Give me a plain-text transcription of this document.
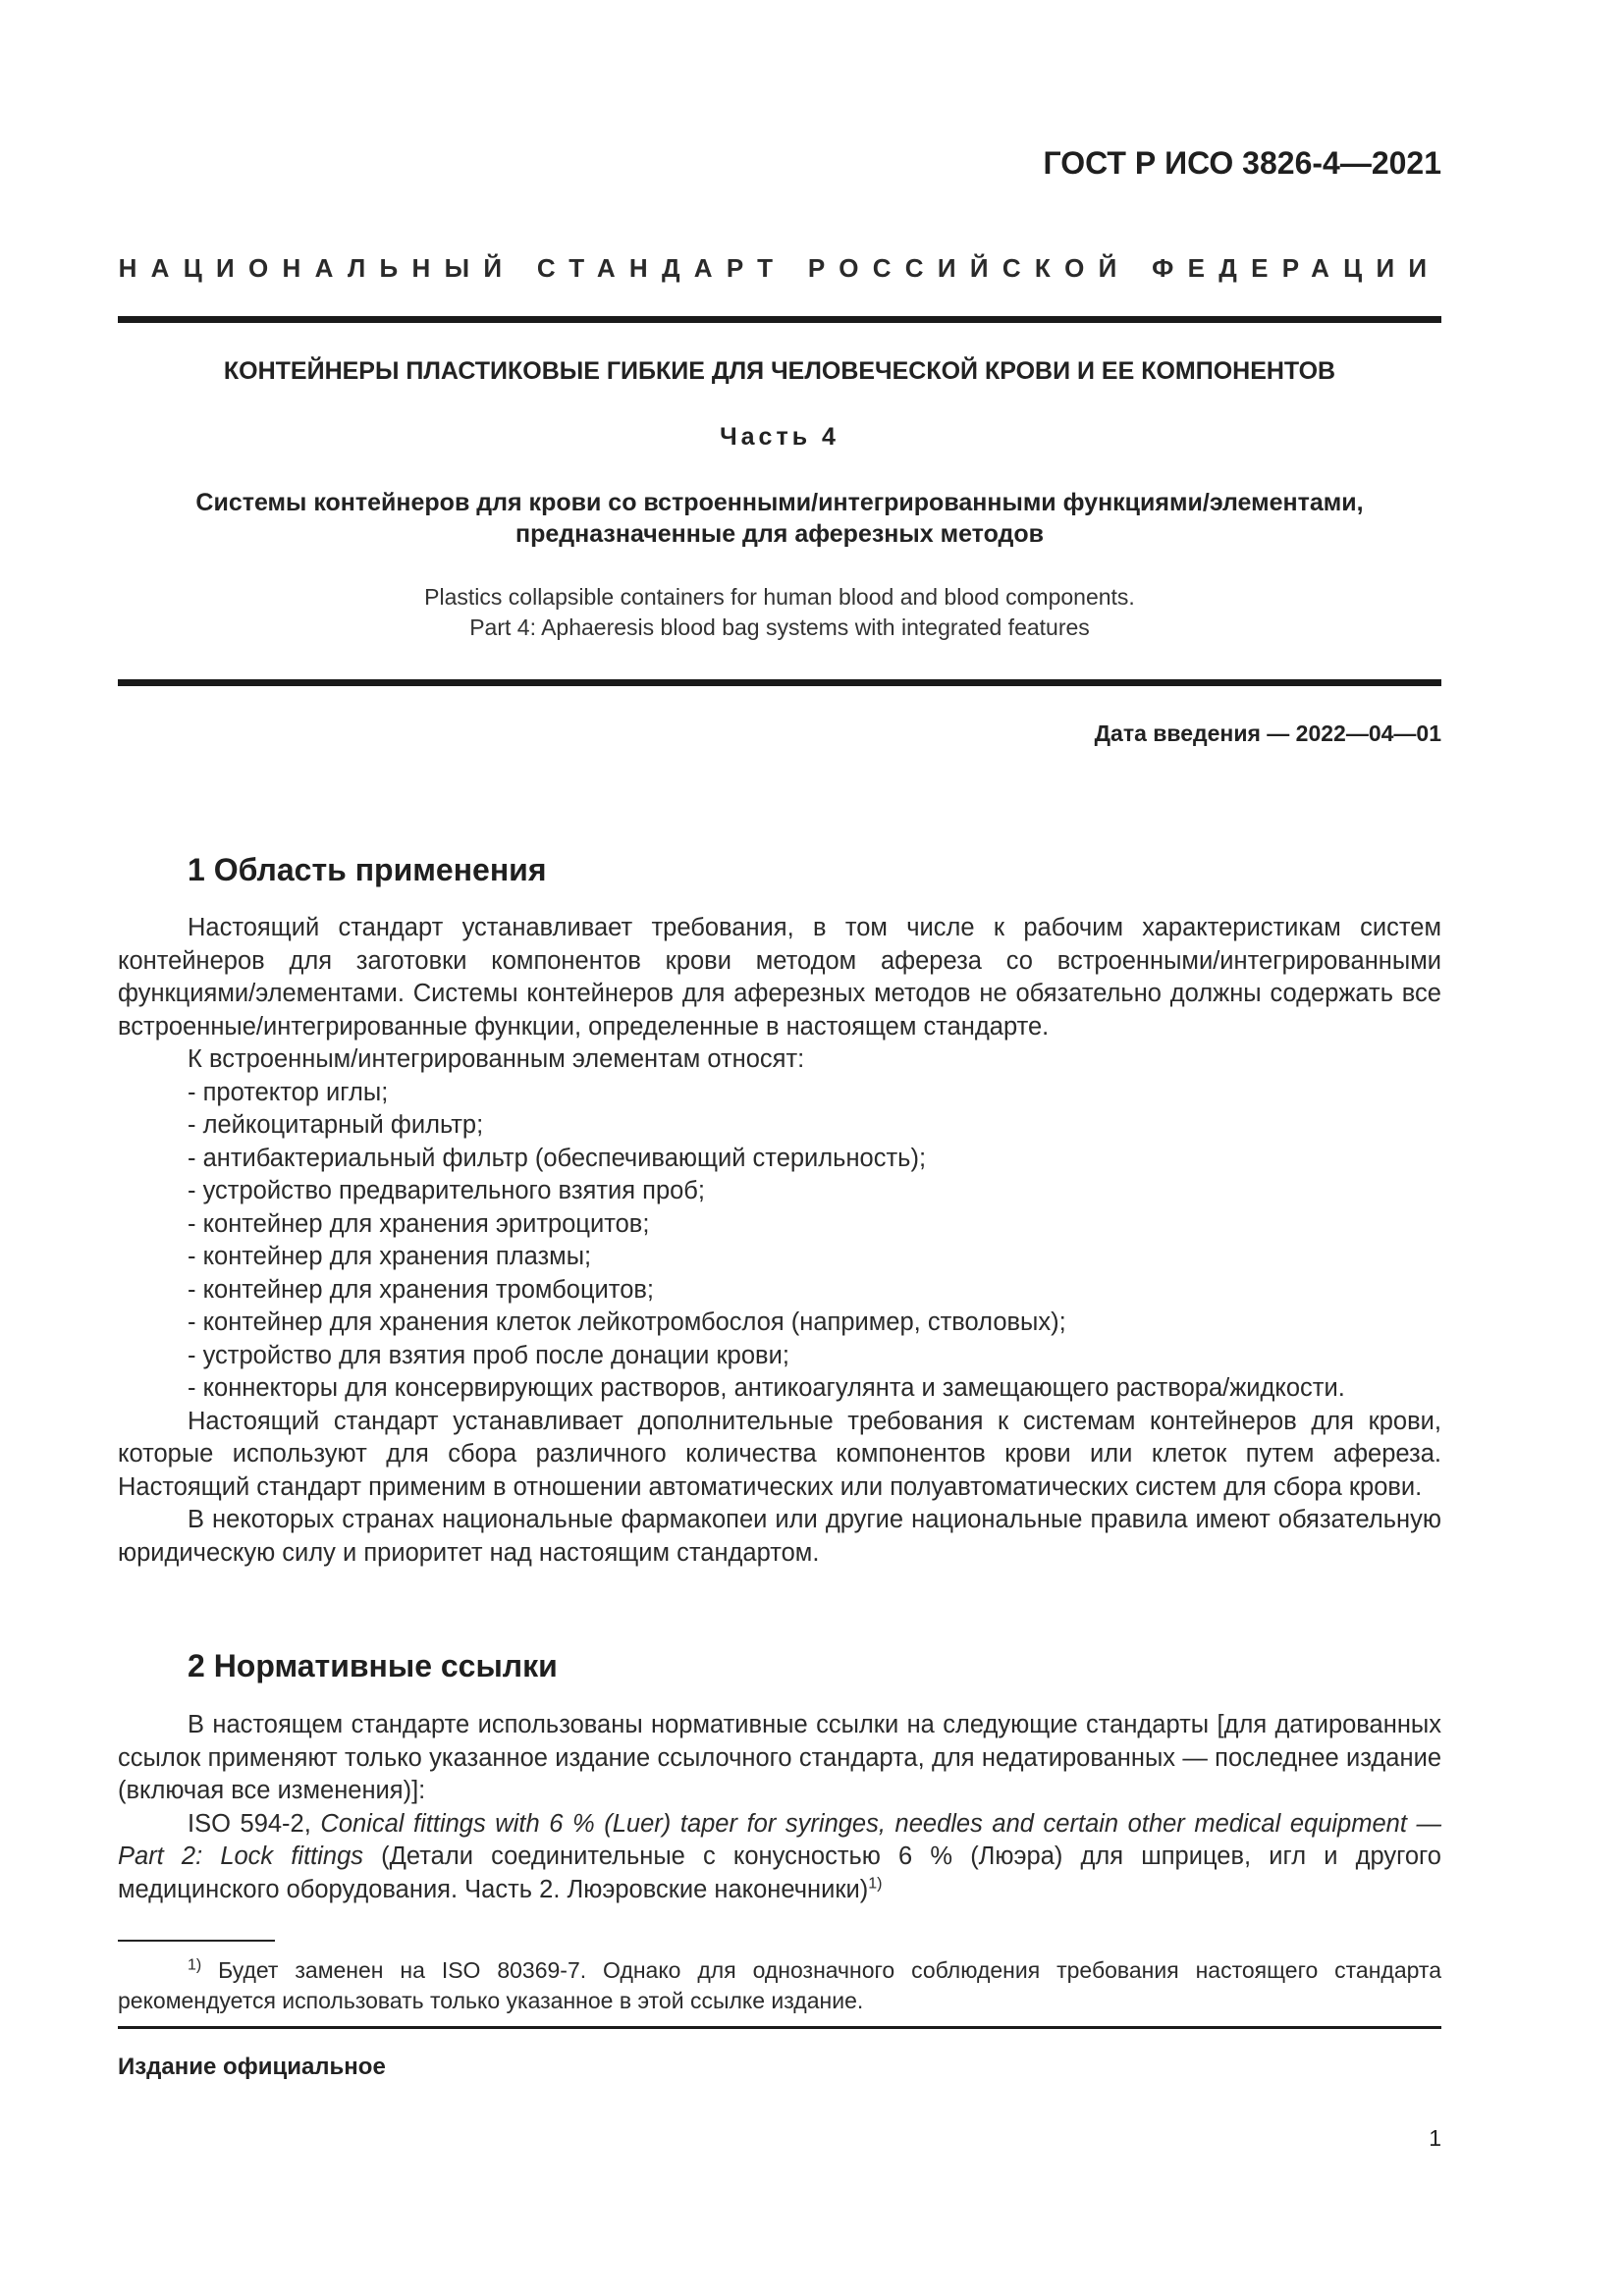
ГОСТ Р ИСО 3826-4—2021
НАЦИОНАЛЬНЫЙ СТАНДАРТ РОССИЙСКОЙ ФЕДЕРАЦИИ
КОНТЕЙНЕРЫ ПЛАСТИКОВЫЕ ГИБКИЕ ДЛЯ ЧЕЛОВЕЧЕСКОЙ КРОВИ И ЕЕ КОМПОНЕНТОВ
Часть 4
Системы контейнеров для крови со встроенными/интегрированными функциями/элементами,
предназначенные для аферезных методов
Plastics collapsible containers for human blood and blood components.
Part 4: Aphaeresis blood bag systems with integrated features
Дата введения — 2022—04—01
1 Область применения

Настоящий стандарт устанавливает требования, в том числе к рабочим характеристикам систем контейнеров для заготовки компонентов крови методом афереза со встроенными/интегрированными функциями/элементами. Системы контейнеров для аферезных методов не обязательно должны содержать все встроенные/интегрированные функции, определенные в настоящем стандарте.

К встроенным/интегрированным элементам относят:

- протектор иглы;

- лейкоцитарный фильтр;

- антибактериальный фильтр (обеспечивающий стерильность);

- устройство предварительного взятия проб;

- контейнер для хранения эритроцитов;

- контейнер для хранения плазмы;

- контейнер для хранения тромбоцитов;

- контейнер для хранения клеток лейкотромбослоя (например, стволовых);

- устройство для взятия проб после донации крови;

- коннекторы для консервирующих растворов, антикоагулянта и замещающего раствора/жидкости.

Настоящий стандарт устанавливает дополнительные требования к системам контейнеров для крови, которые используют для сбора различного количества компонентов крови или клеток путем афереза. Настоящий стандарт применим в отношении автоматических или полуавтоматических систем для сбора крови.

В некоторых странах национальные фармакопеи или другие национальные правила имеют обязательную юридическую силу и приоритет над настоящим стандартом.

2 Нормативные ссылки

В настоящем стандарте использованы нормативные ссылки на следующие стандарты [для датированных ссылок применяют только указанное издание ссылочного стандарта, для недатированных — последнее издание (включая все изменения)]:

ISO 594-2, Conical fittings with 6 % (Luer) taper for syringes, needles and certain other medical equipment — Part 2: Lock fittings (Детали соединительные с конусностью 6 % (Люэра) для шприцев, игл и другого медицинского оборудования. Часть 2. Люэровские наконечники)$^{1)}$

$^{1)}$ Будет заменен на ISO 80369-7. Однако для однозначного соблюдения требования настоящего стандарта рекомендуется использовать только указанное в этой ссылке издание.

Издание официальное
1
